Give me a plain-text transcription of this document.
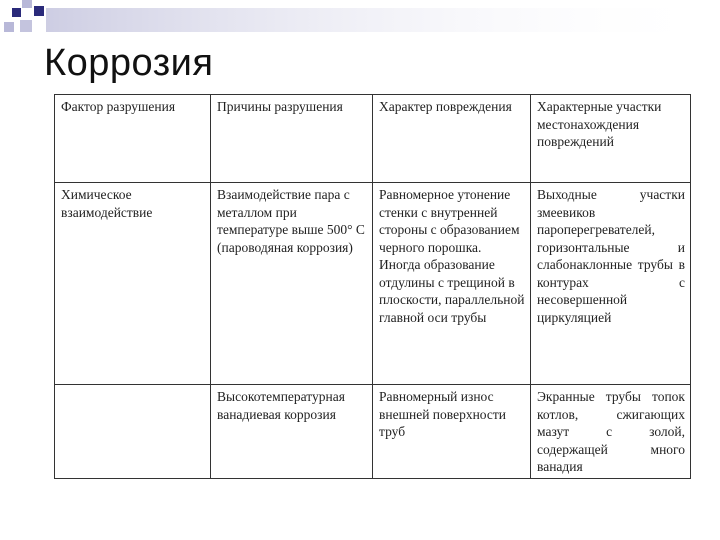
Коррозия
Фактор разрушения	Причины разрушения	Характер повреждения	Характерные участки местонахождения повреждений
Химическое взаимодействие	Взаимодействие пара с металлом при температуре выше 500° С (пароводяная коррозия)	Равномерное утонение стенки с внутренней стороны с образованием черного порошка. Иногда образование отдулины с трещиной в плоскости, параллельной главной оси трубы	Выходные участки змеевиков пароперегревателей, горизонтальные и слабонаклонные трубы в контурах с несовершенной циркуляцией
	Высокотемпературная ванадиевая коррозия	Равномерный износ внешней поверхности труб	Экранные трубы топок котлов, сжигающих мазут с золой, содержащей много ванадия
